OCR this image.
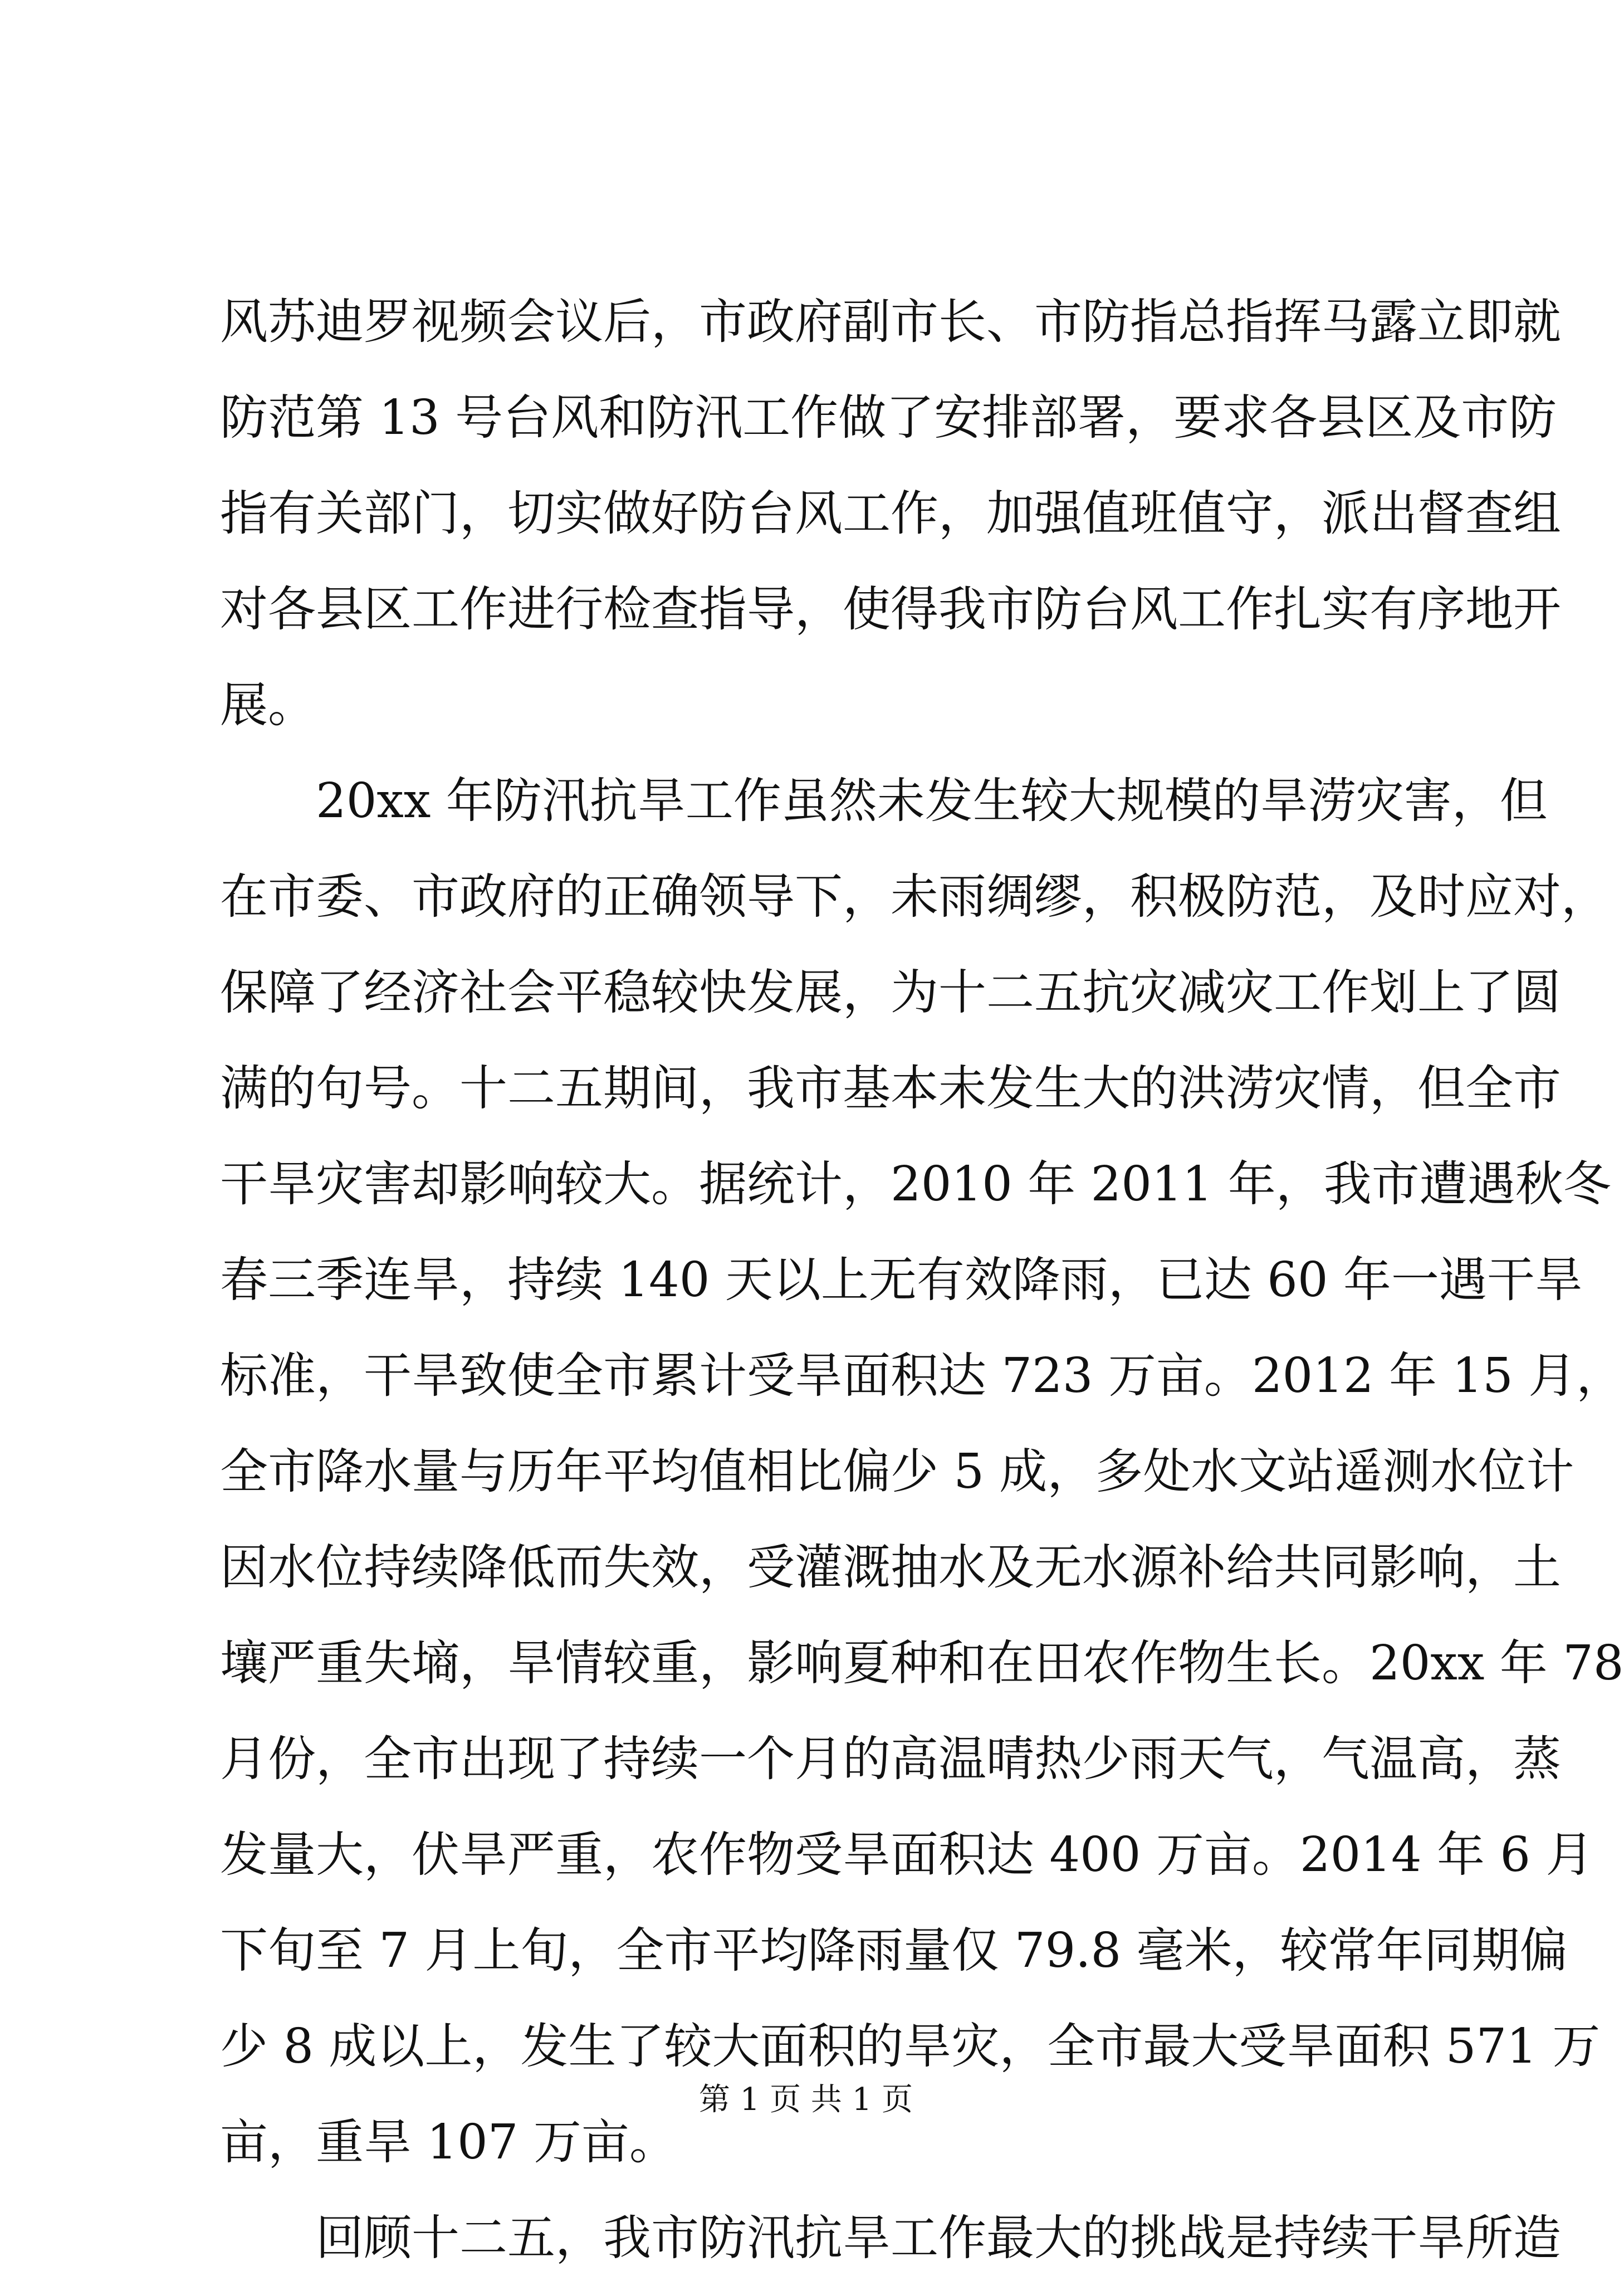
风苏迪罗视频会议后，市政府副市长、市防指总指挥马露立即就
防范第 13 号台风和防汛工作做了安排部署，要求各县区及市防
指有关部门，切实做好防台风工作，加强值班值守，派出督查组
对各县区工作进行检查指导，使得我市防台风工作扎实有序地开
展。
20xx 年防汛抗旱工作虽然未发生较大规模的旱涝灾害，但
在市委、市政府的正确领导下，未雨绸缪，积极防范，及时应对，
保障了经济社会平稳较快发展，为十二五抗灾减灾工作划上了圆
满的句号。十二五期间，我市基本未发生大的洪涝灾情，但全市
干旱灾害却影响较大。据统计，2010 年 2011 年，我市遭遇秋冬
春三季连旱，持续 140 天以上无有效降雨，已达 60 年一遇干旱
标准，干旱致使全市累计受旱面积达 723 万亩。2012 年 15 月，
全市降水量与历年平均值相比偏少 5 成，多处水文站遥测水位计
因水位持续降低而失效，受灌溉抽水及无水源补给共同影响，土
壤严重失墒，旱情较重，影响夏种和在田农作物生长。20xx 年 78
月份，全市出现了持续一个月的高温晴热少雨天气，气温高，蒸
发量大，伏旱严重，农作物受旱面积达 400 万亩。2014 年 6 月
下旬至 7 月上旬，全市平均降雨量仅 79.8 毫米，较常年同期偏
少 8 成以上，发生了较大面积的旱灾，全市最大受旱面积 571 万
亩，重旱 107 万亩。
回顾十二五，我市防汛抗旱工作最大的挑战是持续干旱所造
第 1 页 共 1 页
